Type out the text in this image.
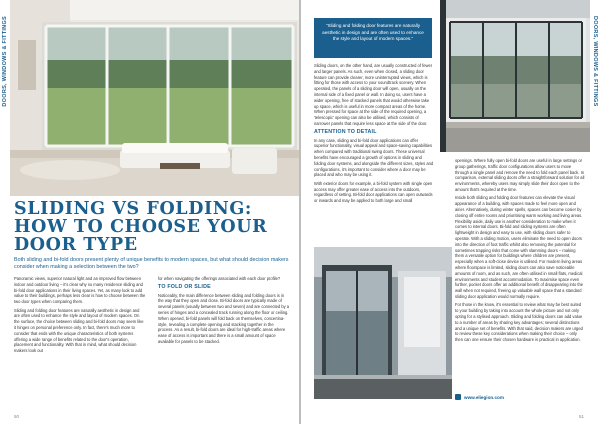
DOORS, WINDOWS & FITTINGS
SLIDING VS FOLDING:
HOW TO CHOOSE YOUR
DOOR TYPE
Both sliding and bi-fold doors present plenty of unique benefits to modern spaces, but what should decision makers consider when making a selection between the two?

Panoramic views, superior natural light and an improved flow between indoor and outdoor living – it's clear why so many residence sliding and bi-fold door applications in their living spaces. Yet, as many look to add value to their buildings, perhaps less clear is how to choose between the two door types when comparing them.

Sliding and folding door features are naturally aesthetic in design and are often used to enhance the style and layout of modern spaces. On the surface, the choice between sliding and bi-fold doors may seem like it hinges on personal preference only. In fact, there's much more to consider that ends with the unique characteristics of both systems offering a wide range of benefits related to the door's operation, placement and functionality. With that in mind, what should decision makers look out

for when navigating the offerings associated with each door profile?

TO FOLD OR SLIDE

Noticeably, the main difference between sliding and folding doors is in the way that they open and close. Bi-fold doors are typically made of several panels (usually between two and seven) and are connected by a series of hinges and a concealed track running along the floor or ceiling. When opened, bi-fold panels will fold back on themselves, concertina-style, revealing a complete opening and stacking together in the process. As a result, bi-fold doors are ideal for high-traffic areas where ease of access is important and there is a small amount of space available for panels to be stacked.

50
"Sliding and folding door features are naturally aesthetic in design and are often used to enhance the style and layout of modern spaces."

Sliding doors, on the other hand, are usually constructed of fewer and larger panels. As such, even when closed, a sliding door feature can provide clearer, more uninterrupted views, which is fitting for those with access to your soundtrack scenery. When operated, the panels of a sliding door will open, usually on the internal side of a fixed panel or wall. In doing so, users have a wider opening, free of stacked panels that would otherwise take up space, which is useful in more compact areas of the home. When pressed for space at the side of the required opening, a 'telescopic' opening can also be utilised, which consists of narrower panels that require less space at the side of the door.

ATTENTION TO DETAIL

In any case, sliding and bi-fold door applications can offer superior functionality, visual appeal and space-saving capabilities when compared with traditional swing doors. These universal benefits have encouraged a growth of options in sliding and folding door systems, and alongside the different sizes, styles and configurations, it's important to consider where a door may be placed and who may be using it.

With exterior doors for example, a bi-fold system with single open access may offer greater ease of access into the outdoors, regardless of setting. Bi-fold door applications can open outwards or inwards and may be applied to both large and small

openings. Where fully open bi-fold doors are useful in large settings or group gatherings, traffic door configurations allow users to move through a single panel and remove the need to fold each panel back. In comparison, external sliding doors offer a straightforward solution for all environments, whereby users may simply slide their door open to the amount that's required at the time.

Inside both sliding and folding door features can elevate the visual appearance of a building, with spaces made to feel more open and airier. Alternatively, during winter spells, spaces can become cosier by closing off entire rooms and prioritising warm working and living areas. Flexibility aside, daily use is another consideration to make when it comes to internal doors. Bi-fold and sliding systems are often lightweight in design and easy to use, with sliding doors safer to operate. With a sliding motion, users eliminate the need to open doors into the direction of foot traffic whilst also removing the potential for sometimes trapping risks that come with slamming doors – making them a versatile option for buildings where children are present, especially when a soft-close device is utilised. For modern living areas where floorspace is limited, sliding doors can also save noticeable amounts of room, and as such, are often utilised in small flats, medical environments and student accommodation. To maximise space even further, pocket doors offer an additional benefit of disappearing into the wall when not required, freeing up valuable wall space that a standard sliding door application would normally require.

For those in the know, it's essential to review what may be best suited to your building by taking into account the whole picture and not only opting for a stylised approach. Sliding and folding doors can add value to a number of areas by sharing key advantages; several distinctions and a unique set of benefits. With that said, decision makers are urged to review these key considerations when making their choice – only then can one ensure their chosen hardware is practical in application.

www.eliegion.com
51
DOORS, WINDOWS & FITTINGS
